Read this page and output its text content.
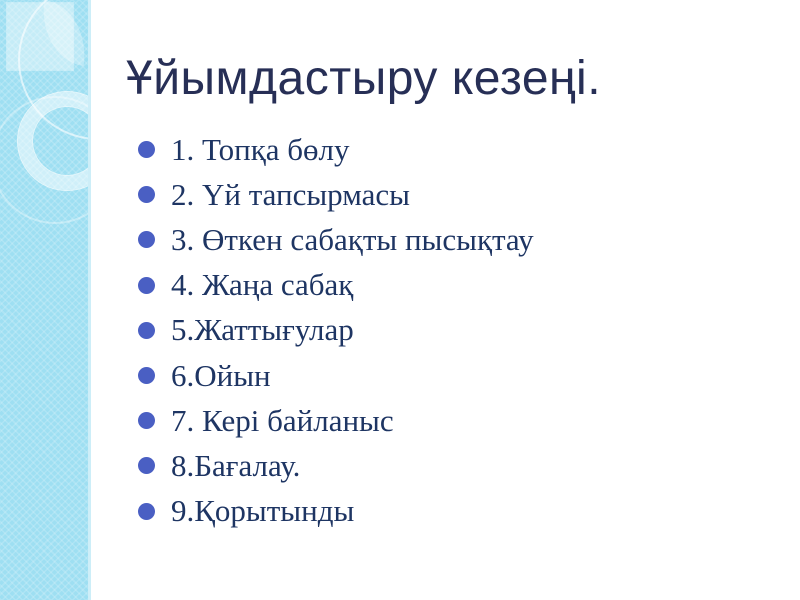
Ұйымдастыру кезеңі.
1. Топқа бөлу
2. Үй тапсырмасы
3. Өткен сабақты пысықтау
4. Жаңа сабақ
5.Жаттығулар
6.Ойын
7. Кері байланыс
8.Бағалау.
9.Қорытынды
